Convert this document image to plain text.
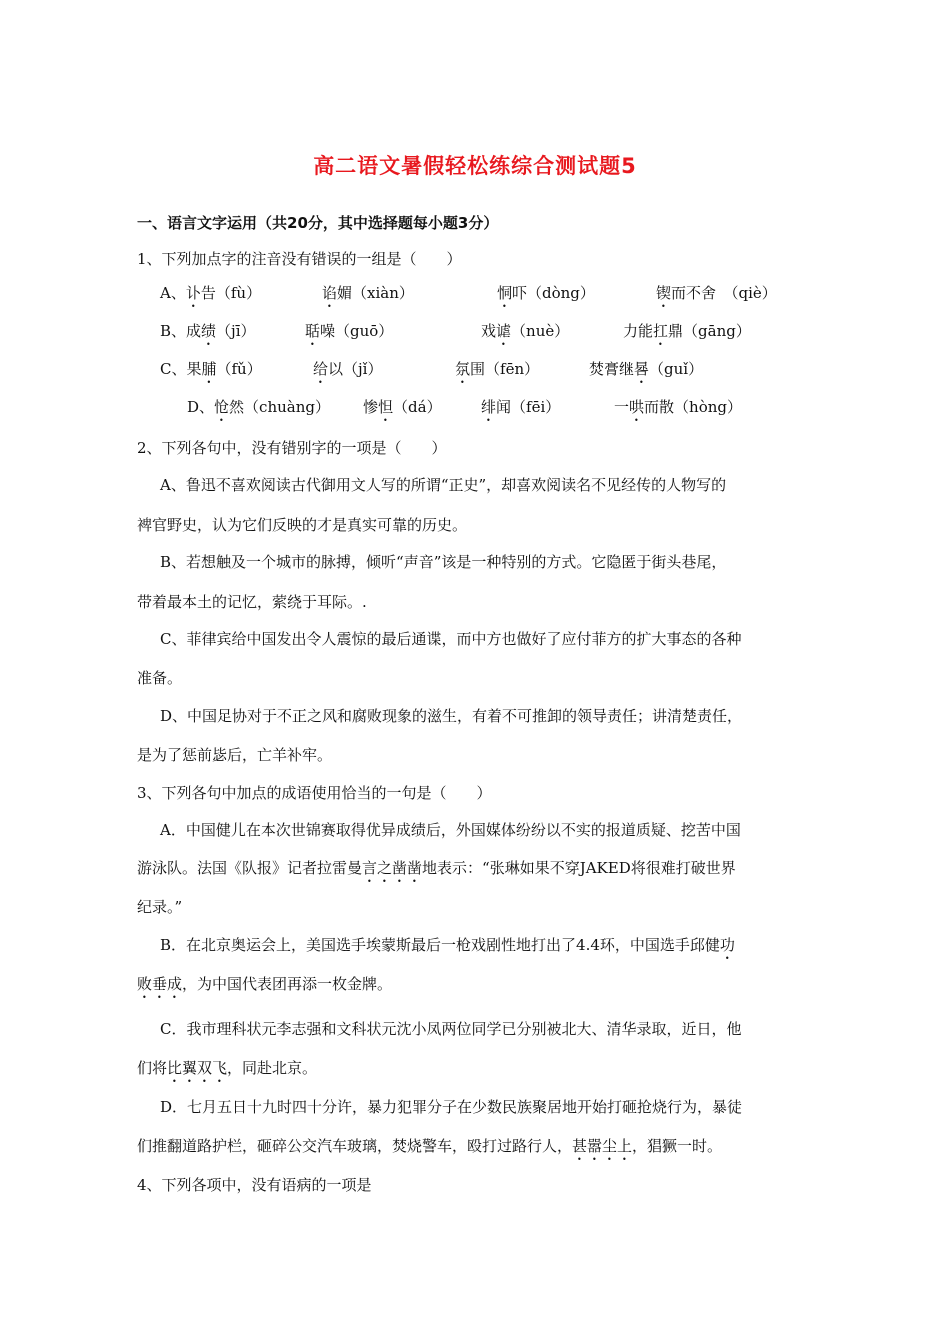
高二语文暑假轻松练综合测试题5
一、语言文字运用（共20分，其中选择题每小题3分）
1、下列加点字的注音没有错误的一组是（　　）
A、讣告（fù）	谄媚（xiàn）	恫吓（dòng）	锲而不舍　（qiè）
B、成绩（jī）	聒噪（guō）	戏谑（nuè）	力能扛鼎（gāng）
C、果脯（fǔ）	给以（jǐ）	氛围（fēn）	焚膏继晷（guǐ）
D、怆然（chuàng） 惨怛（dá）	绯闻（fēi）	一哄而散（hòng）
2、下列各句中，没有错别字的一项是（　　）
A、鲁迅不喜欢阅读古代御用文人写的所谓“正史”，却喜欢阅读名不见经传的人物写的
裨官野史，认为它们反映的才是真实可靠的历史。
B、若想触及一个城市的脉搏，倾听“声音”该是一种特别的方式。它隐匿于街头巷尾，
带着最本土的记忆，萦绕于耳际。.
C、菲律宾给中国发出令人震惊的最后通谍，而中方也做好了应付菲方的扩大事态的各种
准备。
D、中国足协对于不正之风和腐败现象的滋生，有着不可推卸的领导责任；讲清楚责任，
是为了惩前毖后，亡羊补牢。
3、下列各句中加点的成语使用恰当的一句是（　　）
A．中国健儿在本次世锦赛取得优异成绩后，外国媒体纷纷以不实的报道质疑、挖苦中国
游泳队。法国《队报》记者拉雷曼言之凿凿地表示：“张琳如果不穿JAKED将很难打破世界
纪录。”
B．在北京奥运会上，美国选手埃蒙斯最后一枪戏剧性地打出了4.4环，中国选手邱健功
败垂成，为中国代表团再添一枚金牌。
C．我市理科状元李志强和文科状元沈小凤两位同学已分别被北大、清华录取，近日，他
们将比翼双飞，同赴北京。
D．七月五日十九时四十分许，暴力犯罪分子在少数民族聚居地开始打砸抢烧行为，暴徒
们推翻道路护栏，砸碎公交汽车玻璃，焚烧警车，殴打过路行人，甚嚣尘上，猖獗一时。
4、下列各项中，没有语病的一项是
